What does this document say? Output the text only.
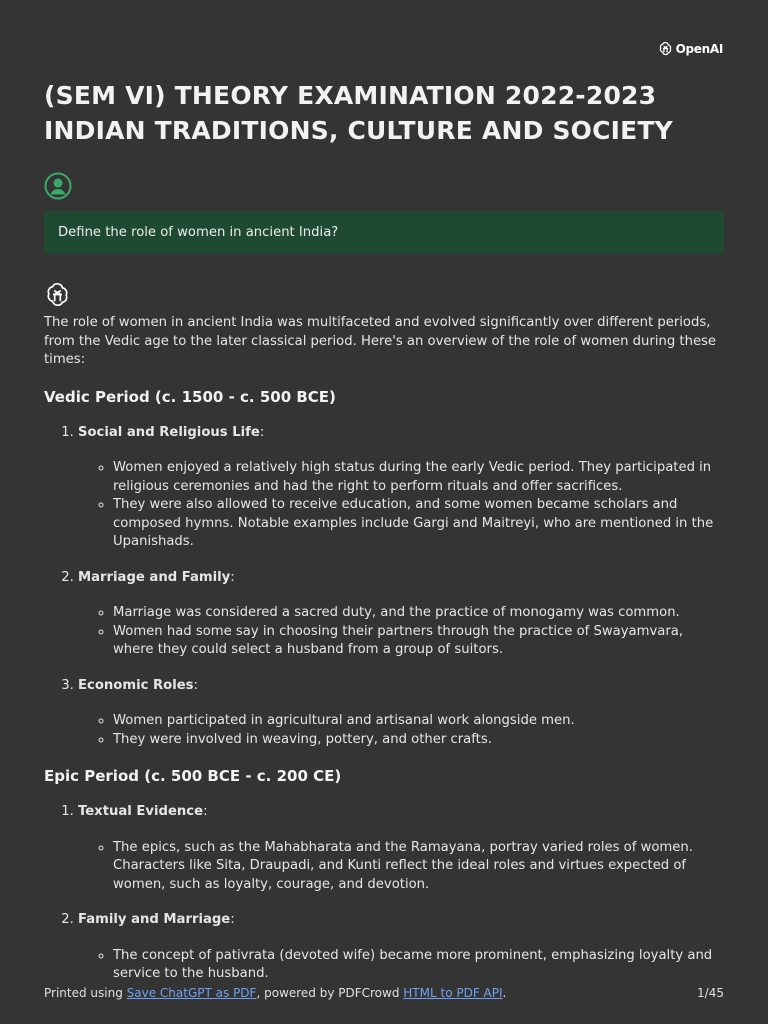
OpenAI
(SEM VI) THEORY EXAMINATION 2022-2023
INDIAN TRADITIONS, CULTURE AND SOCIETY
Define the role of women in ancient India?

The role of women in ancient India was multifaceted and evolved significantly over different periods, from the Vedic age to the later classical period. Here's an overview of the role of women during these times:

Vedic Period (c. 1500 - c. 500 BCE)
1. Social and Religious Life:
◦ Women enjoyed a relatively high status during the early Vedic period. They participated in religious ceremonies and had the right to perform rituals and offer sacrifices.
◦ They were also allowed to receive education, and some women became scholars and composed hymns. Notable examples include Gargi and Maitreyi, who are mentioned in the Upanishads.
2. Marriage and Family:
◦ Marriage was considered a sacred duty, and the practice of monogamy was common.
◦ Women had some say in choosing their partners through the practice of Swayamvara, where they could select a husband from a group of suitors.
3. Economic Roles:
◦ Women participated in agricultural and artisanal work alongside men.
◦ They were involved in weaving, pottery, and other crafts.
Epic Period (c. 500 BCE - c. 200 CE)
1. Textual Evidence:
◦ The epics, such as the Mahabharata and the Ramayana, portray varied roles of women. Characters like Sita, Draupadi, and Kunti reflect the ideal roles and virtues expected of women, such as loyalty, courage, and devotion.
2. Family and Marriage:
◦ The concept of pativrata (devoted wife) became more prominent, emphasizing loyalty and service to the husband.
Printed using Save ChatGPT as PDF, powered by PDFCrowd HTML to PDF API.	1/45
